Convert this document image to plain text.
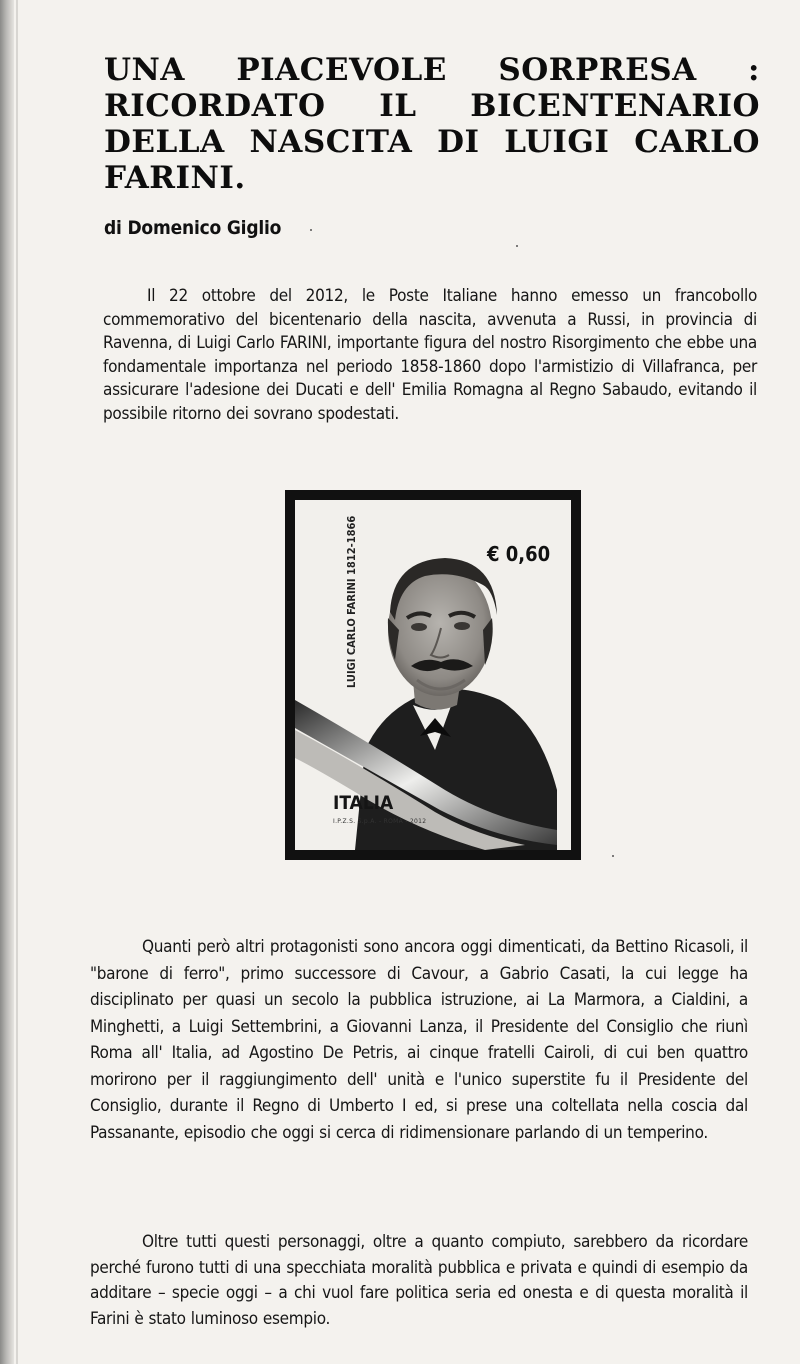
UNA PIACEVOLE SORPRESA : RICORDATO IL BICENTENARIO DELLA NASCITA DI LUIGI CARLO FARINI.
di Domenico Giglio

Il 22 ottobre del 2012, le Poste Italiane hanno emesso un francobollo commemorativo del bicentenario della nascita, avvenuta a Russi, in provincia di Ravenna, di Luigi Carlo FARINI, importante figura del nostro Risorgimento che ebbe una fondamentale importanza nel periodo 1858-1860 dopo l'armistizio di Villafranca, per assicurare l'adesione dei Ducati e dell' Emilia Romagna al Regno Sabaudo, evitando il possibile ritorno dei sovrano spodestati.

€ 0,60
LUIGI CARLO FARINI 1812-1866
ITALIA
I.P.Z.S. S.p.A. - ROMA - 2012

Quanti però altri protagonisti sono ancora oggi dimenticati, da Bettino Ricasoli, il "barone di ferro", primo successore di Cavour, a Gabrio Casati, la cui legge ha disciplinato per quasi un secolo la pubblica istruzione, ai La Marmora, a Cialdini, a Minghetti, a Luigi Settembrini, a Giovanni Lanza, il Presidente del Consiglio che riunì Roma all' Italia, ad Agostino De Petris, ai cinque fratelli Cairoli, di cui ben quattro morirono per il raggiungimento dell' unità e l'unico superstite fu il Presidente del Consiglio, durante il Regno di Umberto I ed, si prese una coltellata nella coscia dal Passanante, episodio che oggi si cerca di ridimensionare parlando di un temperino.

Oltre tutti questi personaggi, oltre a quanto compiuto, sarebbero da ricordare perché furono tutti di una specchiata moralità pubblica e privata e quindi di esempio da additare – specie oggi – a chi vuol fare politica seria ed onesta e di questa moralità il Farini è stato luminoso esempio.
